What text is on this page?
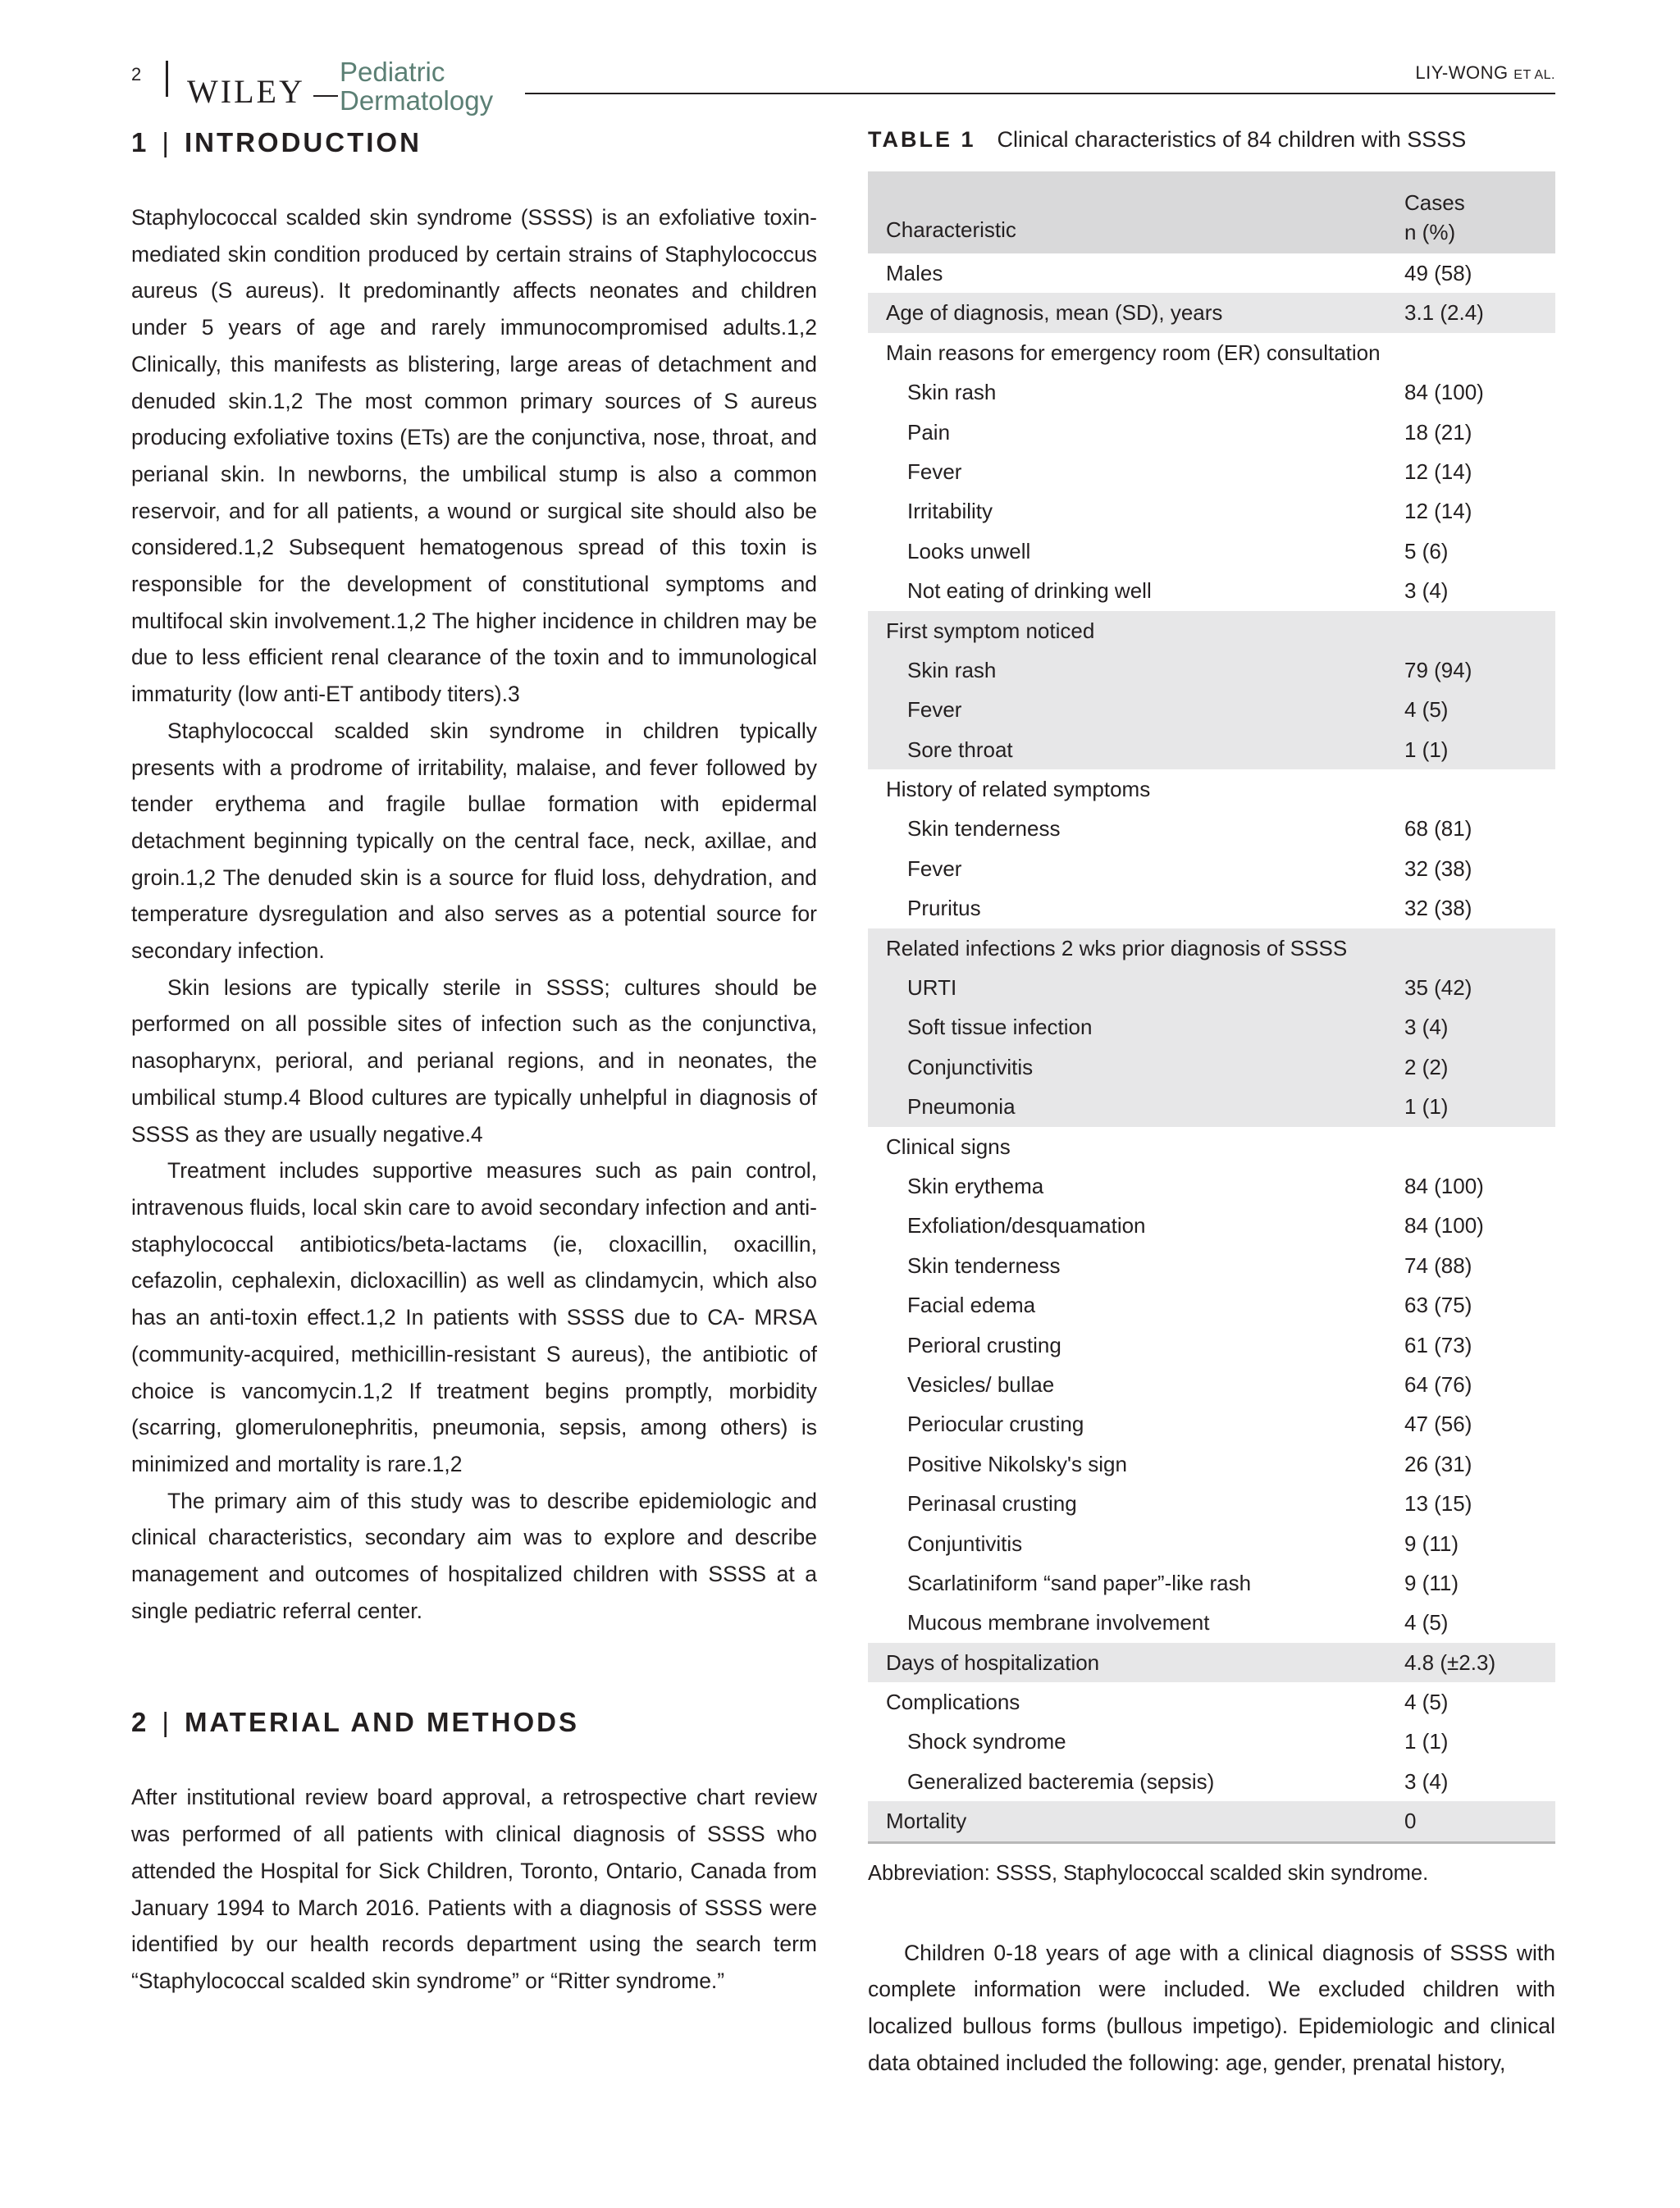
2 WILEY
Pediatric
Dermatology
LIY-WONG ET AL.
1 | INTRODUCTION

Staphylococcal scalded skin syndrome (SSSS) is an exfoliative toxin-mediated skin condition produced by certain strains of Staphylococcus aureus (S aureus). It predominantly affects neonates and children under 5 years of age and rarely immunocompromised adults.1,2 Clinically, this manifests as blistering, large areas of detachment and denuded skin.1,2 The most common primary sources of S aureus producing exfoliative toxins (ETs) are the conjunctiva, nose, throat, and perianal skin. In newborns, the umbilical stump is also a common reservoir, and for all patients, a wound or surgical site should also be considered.1,2 Subsequent hematogenous spread of this toxin is responsible for the development of constitutional symptoms and multifocal skin involvement.1,2 The higher incidence in children may be due to less efficient renal clearance of the toxin and to immunological immaturity (low anti-ET antibody titers).3

Staphylococcal scalded skin syndrome in children typically presents with a prodrome of irritability, malaise, and fever followed by tender erythema and fragile bullae formation with epidermal detachment beginning typically on the central face, neck, axillae, and groin.1,2 The denuded skin is a source for fluid loss, dehydration, and temperature dysregulation and also serves as a potential source for secondary infection.

Skin lesions are typically sterile in SSSS; cultures should be performed on all possible sites of infection such as the conjunctiva, nasopharynx, perioral, and perianal regions, and in neonates, the umbilical stump.4 Blood cultures are typically unhelpful in diagnosis of SSSS as they are usually negative.4

Treatment includes supportive measures such as pain control, intravenous fluids, local skin care to avoid secondary infection and anti-staphylococcal antibiotics/beta-lactams (ie, cloxacillin, oxacillin, cefazolin, cephalexin, dicloxacillin) as well as clindamycin, which also has an anti-toxin effect.1,2 In patients with SSSS due to CA- MRSA (community-acquired, methicillin-resistant S aureus), the antibiotic of choice is vancomycin.1,2 If treatment begins promptly, morbidity (scarring, glomerulonephritis, pneumonia, sepsis, among others) is minimized and mortality is rare.1,2

The primary aim of this study was to describe epidemiologic and clinical characteristics, secondary aim was to explore and describe management and outcomes of hospitalized children with SSSS at a single pediatric referral center.

2 | MATERIAL AND METHODS

After institutional review board approval, a retrospective chart review was performed of all patients with clinical diagnosis of SSSS who attended the Hospital for Sick Children, Toronto, Ontario, Canada from January 1994 to March 2016. Patients with a diagnosis of SSSS were identified by our health records department using the search term “Staphylococcal scalded skin syndrome” or “Ritter syndrome.”

TABLE 1 Clinical characteristics of 84 children with SSSS
Characteristic
Cases
n (%)
Males	49 (58)
Age of diagnosis, mean (SD), years	3.1 (2.4)
Main reasons for emergency room (ER) consultation
Skin rash	84 (100)
Pain	18 (21)
Fever	12 (14)
Irritability	12 (14)
Looks unwell	5 (6)
Not eating of drinking well	3 (4)
First symptom noticed
Skin rash	79 (94)
Fever	4 (5)
Sore throat	1 (1)
History of related symptoms
Skin tenderness	68 (81)
Fever	32 (38)
Pruritus	32 (38)
Related infections 2 wks prior diagnosis of SSSS
URTI	35 (42)
Soft tissue infection	3 (4)
Conjunctivitis	2 (2)
Pneumonia	1 (1)
Clinical signs
Skin erythema	84 (100)
Exfoliation/desquamation	84 (100)
Skin tenderness	74 (88)
Facial edema	63 (75)
Perioral crusting	61 (73)
Vesicles/ bullae	64 (76)
Periocular crusting	47 (56)
Positive Nikolsky's sign	26 (31)
Perinasal crusting	13 (15)
Conjuntivitis	9 (11)
Scarlatiniform “sand paper”-like rash	9 (11)
Mucous membrane involvement	4 (5)
Days of hospitalization	4.8 (±2.3)
Complications	4 (5)
Shock syndrome	1 (1)
Generalized bacteremia (sepsis)	3 (4)
Mortality	0
Abbreviation: SSSS, Staphylococcal scalded skin syndrome.

Children 0-18 years of age with a clinical diagnosis of SSSS with complete information were included. We excluded children with localized bullous forms (bullous impetigo). Epidemiologic and clinical data obtained included the following: age, gender, prenatal history,
